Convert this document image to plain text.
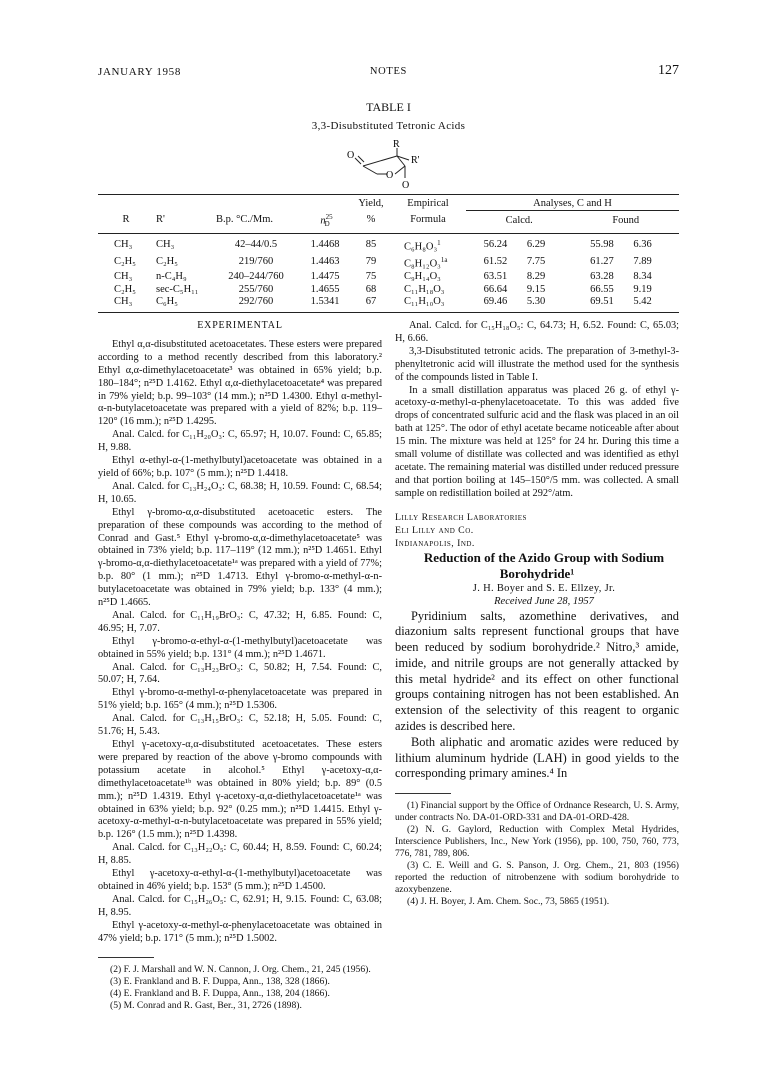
JANUARY 1958	NOTES	127
TABLE I
3,3-Disubstituted Tetronic Acids
O
R
R'
O
O
				Yield,	Empirical	Analyses, C and H			
R	R'	B.p. °C./Mm.	$n^{25}_D$	%	Formula	Calcd.		Found	
CH₃	CH₃	42–44/0.5	1.4468	85	C₆H₈O₃$^1$	56.24	6.29	55.98	6.36
C₂H₅	C₂H₅	219/760	1.4463	79	C₈H₁₂O₃$^{1a}$	61.52	7.75	61.27	7.89
CH₃	n-C₄H₉	240–244/760	1.4475	75	C₉H₁₄O₃	63.51	8.29	63.28	8.34
C₂H₅	sec-C₅H₁₁	255/760	1.4655	68	C₁₁H₁₈O₃	66.64	9.15	66.55	9.19
CH₃	C₆H₅	292/760	1.5341	67	C₁₁H₁₀O₃	69.46	5.30	69.51	5.42

EXPERIMENTAL

Ethyl α,α-disubstituted acetoacetates. These esters were prepared according to a method recently described from this laboratory.² Ethyl α,α-dimethylacetoacetate³ was obtained in 65% yield; b.p. 180–184°; n²⁵D 1.4162. Ethyl α,α-diethylacetoacetate⁴ was prepared in 79% yield; b.p. 99–103° (14 mm.); n²⁵D 1.4300. Ethyl α-methyl-α-n-butylacetoacetate was prepared with a yield of 82%; b.p. 119–120° (16 mm.); n²⁵D 1.4295.

Anal. Calcd. for C₁₁H₂₀O₃: C, 65.97; H, 10.07. Found: C, 65.85; H, 9.88.

Ethyl α-ethyl-α-(1-methylbutyl)acetoacetate was obtained in a yield of 66%; b.p. 107° (5 mm.); n²⁵D 1.4418.

Anal. Calcd. for C₁₃H₂₄O₃: C, 68.38; H, 10.59. Found: C, 68.54; H, 10.65.

Ethyl γ-bromo-α,α-disubstituted acetoacetic esters. The preparation of these compounds was according to the method of Conrad and Gast.⁵ Ethyl γ-bromo-α,α-dimethylacetoacetate⁵ was obtained in 73% yield; b.p. 117–119° (12 mm.); n²⁵D 1.4651. Ethyl γ-bromo-α,α-diethylacetoacetate¹ᵃ was prepared with a yield of 77%; b.p. 80° (1 mm.); n²⁵D 1.4713. Ethyl γ-bromo-α-methyl-α-n-butylacetoacetate was obtained in 79% yield; b.p. 133° (4 mm.); n²⁵D 1.4665.

Anal. Calcd. for C₁₁H₁₉BrO₃: C, 47.32; H, 6.85. Found: C, 46.95; H, 7.07.

Ethyl γ-bromo-α-ethyl-α-(1-methylbutyl)acetoacetate was obtained in 55% yield; b.p. 131° (4 mm.); n²⁵D 1.4671.

Anal. Calcd. for C₁₃H₂₃BrO₃: C, 50.82; H, 7.54. Found: C, 50.07; H, 7.64.

Ethyl γ-bromo-α-methyl-α-phenylacetoacetate was prepared in 51% yield; b.p. 165° (4 mm.); n²⁵D 1.5306.

Anal. Calcd. for C₁₃H₁₅BrO₃: C, 52.18; H, 5.05. Found: C, 51.76; H, 5.43.

Ethyl γ-acetoxy-α,α-disubstituted acetoacetates. These esters were prepared by reaction of the above γ-bromo compounds with potassium acetate in alcohol.⁵ Ethyl γ-acetoxy-α,α-dimethylacetoacetate¹ᵇ was obtained in 80% yield; b.p. 89° (0.5 mm.); n²⁵D 1.4319. Ethyl γ-acetoxy-α,α-diethylacetoacetate¹ᵃ was obtained in 63% yield; b.p. 92° (0.25 mm.); n²⁵D 1.4415. Ethyl γ-acetoxy-α-methyl-α-n-butylacetoacetate was prepared in 55% yield; b.p. 126° (1.5 mm.); n²⁵D 1.4398.

Anal. Calcd. for C₁₃H₂₂O₅: C, 60.44; H, 8.59. Found: C, 60.24; H, 8.85.

Ethyl γ-acetoxy-α-ethyl-α-(1-methylbutyl)acetoacetate was obtained in 46% yield; b.p. 153° (5 mm.); n²⁵D 1.4500.

Anal. Calcd. for C₁₅H₂₆O₅: C, 62.91; H, 9.15. Found: C, 63.08; H, 8.95.

Ethyl γ-acetoxy-α-methyl-α-phenylacetoacetate was obtained in 47% yield; b.p. 171° (5 mm.); n²⁵D 1.5002.

(2) F. J. Marshall and W. N. Cannon, J. Org. Chem., 21, 245 (1956).

(3) E. Frankland and B. F. Duppa, Ann., 138, 328 (1866).

(4) E. Frankland and B. F. Duppa, Ann., 138, 204 (1866).

(5) M. Conrad and R. Gast, Ber., 31, 2726 (1898).

Anal. Calcd. for C₁₅H₁₈O₅: C, 64.73; H, 6.52. Found: C, 65.03; H, 6.66.

3,3-Disubstituted tetronic acids. The preparation of 3-methyl-3-phenyltetronic acid will illustrate the method used for the synthesis of the compounds listed in Table I.

In a small distillation apparatus was placed 26 g. of ethyl γ-acetoxy-α-methyl-α-phenylacetoacetate. To this was added five drops of concentrated sulfuric acid and the flask was placed in an oil bath at 125°. The odor of ethyl acetate became noticeable after about 15 min. The mixture was held at 125° for 24 hr. During this time a small volume of distillate was collected and was identified as ethyl acetate. The remaining material was distilled under reduced pressure and that portion boiling at 145–150°/5 mm. was collected. A small sample on redistillation boiled at 292°/atm.

Lilly Research Laboratories
Eli Lilly and Co.
Indianapolis, Ind.

Reduction of the Azido Group with Sodium Borohydride¹

J. H. Boyer and S. E. Ellzey, Jr.

Received June 28, 1957

Pyridinium salts, azomethine derivatives, and diazonium salts represent functional groups that have been reduced by sodium borohydride.² Nitro,³ amide, imide, and nitrile groups are not generally attacked by this metal hydride² and its effect on other functional groups containing nitrogen has not been established. An extension of the selectivity of this reagent to organic azides is described here.

Both aliphatic and aromatic azides were reduced by lithium aluminum hydride (LAH) in good yields to the corresponding primary amines.⁴ In

(1) Financial support by the Office of Ordnance Research, U. S. Army, under contracts No. DA-01-ORD-331 and DA-01-ORD-428.

(2) N. G. Gaylord, Reduction with Complex Metal Hydrides, Interscience Publishers, Inc., New York (1956), pp. 100, 750, 760, 773, 776, 781, 789, 806.

(3) C. E. Weill and G. S. Panson, J. Org. Chem., 21, 803 (1956) reported the reduction of nitrobenzene with sodium borohydride to azoxybenzene.

(4) J. H. Boyer, J. Am. Chem. Soc., 73, 5865 (1951).
